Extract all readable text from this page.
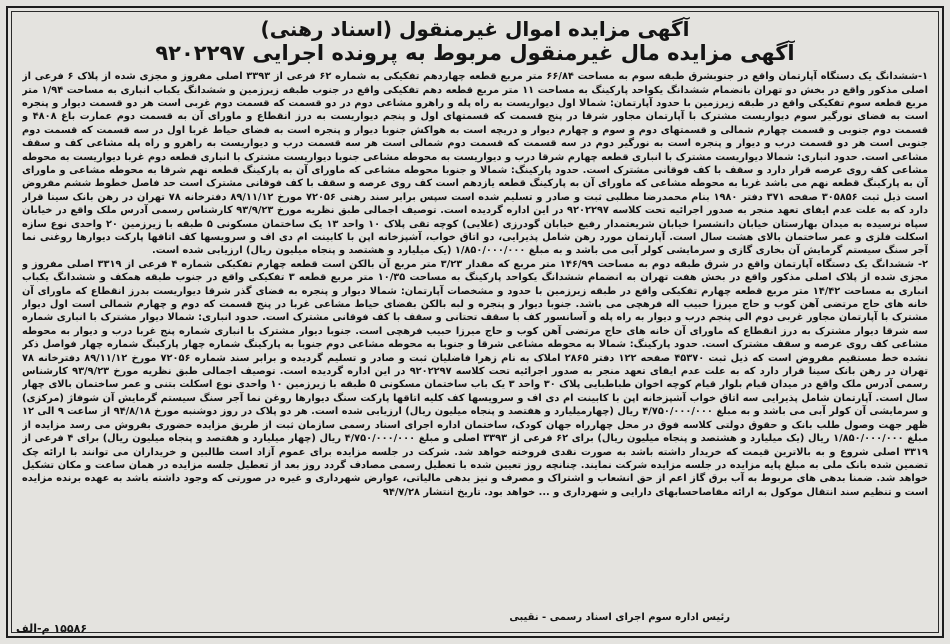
آگهی مزایده اموال غیرمنقول (اسناد رهنی)
آگهی مزایده مال غیرمنقول مربوط به پرونده اجرایی ۹۲۰۲۲۹۷

۱-ششدانگ یک دستگاه آپارتمان واقع در جنوبشرق طبقه سوم به مساحت ۶۶/۸۴ متر مربع قطعه چهاردهم تفکیکی به شماره ۶۲ فرعی از ۳۳۹۳ اصلی مفروز و مجزی شده از پلاک ۶ فرعی از اصلی مذکور واقع در بخش دو تهران بانضمام ششدانگ یکواحد پارکینگ به مساحت ۱۱ متر مربع قطعه دهم تفکیکی واقع در جنوب طبقه زیرزمین و ششدانگ یکباب انباری به مساحت ۱/۹۴ متر مربع قطعه سوم تفکیکی واقع در طبقه زیرزمین با حدود آپارتمان: شمالا اول دیواریست به راه پله و راهرو مشاعی دوم در دو قسمت که قسمت دوم غربی است هر دو قسمت دیوار و پنجره است به فضای نورگیر سوم دیواریست مشترک با آپارتمان مجاور شرقا در پنج قسمت که قسمتهای اول و پنجم دیواریست به درز انقطاع و ماورای آن به قسمت دوم عمارت باغ ۴۸۰۸ و قسمت دوم جنوبی و قسمت چهارم شمالی و قسمتهای دوم و سوم و چهارم دیوار و دریچه است به هواکش جنوبا دیوار و پنجره است به فضای حیاط غربا اول در سه قسمت که قسمت دوم جنوبی است هر دو قسمت درب و دیوار و پنجره است به نورگیر دوم در سه قسمت که قسمت دوم شمالی است هر سه قسمت درب و دیواریست به راهرو و راه پله مشاعی کف و سقف مشاعی است. حدود انباری: شمالا دیواریست مشترک با انباری قطعه چهارم شرقا درب و دیواریست به محوطه مشاعی جنوبا دیواریست مشترک با انباری قطعه دوم غربا دیواریست به محوطه مشاعی کف روی عرصه قرار دارد و سقف با کف فوقانی مشترک است. حدود پارکینگ: شمالا و جنوبا محوطه مشاعی که ماورای آن به پارکینگ قطعه نهم شرقا به محوطه مشاعی و ماورای آن به پارکینگ قطعه نهم می باشد غربا به محوطه مشاعی که ماورای آن به پارکینگ قطعه یازدهم است کف روی عرصه و سقف با کف فوقانی مشترک است حد فاصل خطوط ششم مفروض است ذیل ثبت ۳۰۵۸۵۶ صفحه ۳۷۱ دفتر ۱۹۸۰ بنام محمدرضا مطلبی ثبت و صادر و تسلیم شده است سپس برابر سند رهنی ۷۲۰۵۶ مورخ ۸۹/۱۱/۱۲ دفترخانه ۷۸ تهران در رهن بانک سینا قرار دارد که به علت عدم ایفای تعهد منجر به صدور اجرائیه تحت کلاسه ۹۲۰۲۲۹۷ در این اداره گردیده است. توصیف اجمالی طبق نظریه مورخ ۹۳/۹/۲۳ کارشناس رسمی آدرس ملک واقع در خیابان سپاه نرسیده به میدان بهارستان خیابان دانشسرا خیابان شریعتمدار رفیع خیابان گودرزی (علایی) کوچه تقی پلاک ۱۰ واحد ۱۳ یک ساختمان مسکونی ۵ طبقه با زیرزمین ۲۰ واحدی نوع سازه اسکلت فلزی و عمر ساختمان بالای هشت سال است. آپارتمان مورد رهن شامل پذیرایی، دو اتاق خواب، آشپزخانه اپن با کابینت ام دی اف و سرویسها کف اتاقها پارکت دیوارها روغنی نما آجر سنگ سیستم گرمایش آن بخاری گازی و سرمایشی کولر آبی می باشد و به مبلغ ۱/۸۵۰/۰۰۰/۰۰۰ (یک میلیارد و هشتصد و پنجاه میلیون ریال) ارزیابی شده است.

۲- ششدانگ یک دستگاه آپارتمان واقع در شرق طبقه دوم به مساحت ۱۴۶/۹۹ متر مربع که مقدار ۳/۲۳ متر مربع آن بالکن است قطعه چهارم تفکیکی شماره ۴ فرعی از ۳۳۱۹ اصلی مفروز و مجزی شده از پلاک اصلی مذکور واقع در بخش هفت تهران به انضمام ششدانگ یکواحد پارکینگ به مساحت ۱۰/۳۵ متر مربع قطعه ۳ تفکیکی واقع در جنوب طبقه همکف و ششدانگ یکباب انباری به مساحت ۱۴/۴۲ متر مربع قطعه چهارم تفکیکی واقع در طبقه زیرزمین با حدود و مشخصات آپارتمان: شمالا دیوار و پنجره به فضای گذر شرقا دیواریست بدرز انقطاع که ماورای آن خانه های حاج مرتضی آهن کوب و حاج میرزا حبیب اله فرهچی می باشد. جنوبا دیوار و پنجره و لبه بالکن بفضای حیاط مشاعی غربا در پنج قسمت که دوم و چهارم شمالی است اول دیوار مشترک با آپارتمان مجاور غربی دوم الی پنجم درب و دیوار به راه پله و آسانسور کف با سقف تحتانی و سقف با کف فوقانی مشترک است. حدود انباری: شمالا دیوار مشترک با انباری شماره سه شرقا دیوار مشترک به درز انقطاع که ماورای آن خانه های حاج مرتضی آهن کوب و حاج میرزا حبیب فرهچی است. جنوبا دیوار مشترک با انباری شماره پنج غربا درب و دیوار به محوطه مشاعی کف روی عرصه و سقف مشترک است. حدود پارکینگ: شمالا به محوطه مشاعی شرقا و جنوبا به محوطه مشاعی دوم جنوبا به پارکینگ شماره چهار پارکینگ شماره چهار فواصل ذکر نشده خط مستقیم مفروض است که ذیل ثبت ۴۵۳۷۰ صفحه ۱۲۲ دفتر ۲۸۶۵ املاک به نام زهرا فاضلیان ثبت و صادر و تسلیم گردیده و برابر سند شماره ۷۲۰۵۶ مورخ ۸۹/۱۱/۱۲ دفترخانه ۷۸ تهران در رهن بانک سینا قرار دارد که به علت عدم ایفای تعهد منجر به صدور اجرائیه تحت کلاسه ۹۲۰۲۲۹۷ در این اداره گردیده است. توصیف اجمالی طبق نظریه مورخ ۹۳/۹/۲۳ کارشناس رسمی آدرس ملک واقع در میدان قیام بلوار قیام کوچه اخوان طباطبایی پلاک ۳۰ واحد ۳ یک باب ساختمان مسکونی ۵ طبقه با زیرزمین ۱۰ واحدی نوع اسکلت بتنی و عمر ساختمان بالای چهار سال است. آپارتمان شامل پذیرایی سه اتاق خواب آشپزخانه اپن با کابینت ام دی اف و سرویسها کف کلیه اتاقها پارکت سنگ دیوارها روغن نما آجر سنگ سیستم گرمایش آن شوفاژ (مرکزی) و سرمایشی آن کولر آبی می باشد و به مبلغ ۴/۷۵۰/۰۰۰/۰۰۰ ریال (چهارمیلیارد و هفتصد و پنجاه میلیون ریال) ارزیابی شده است. هر دو پلاک در روز دوشنبه مورخ ۹۴/۸/۱۸ از ساعت ۹ الی ۱۲ ظهر جهت وصول طلب بانک و حقوق دولتی کلاسه فوق در محل چهارراه جهان کودک، ساختمان اداره اجرای اسناد رسمی سازمان ثبت از طریق مزایده حضوری بفروش می رسد مزایده از مبلغ ۱/۸۵۰/۰۰۰/۰۰۰ ریال (یک میلیارد و هشتصد و پنجاه میلیون ریال) برای ۶۲ فرعی از ۳۳۹۳ اصلی و مبلغ ۴/۷۵۰/۰۰۰/۰۰۰ ریال (چهار میلیارد و هفتصد و پنجاه میلیون ریال) برای ۴ فرعی از ۳۳۱۹ اصلی شروع و به بالاترین قیمت که خریدار داشته باشد به صورت نقدی فروخته خواهد شد. شرکت در جلسه مزایده برای عموم آزاد است طالبین و خریداران می توانند با ارائه چک تضمین شده بانک ملی به مبلغ پایه مزایده در جلسه مزایده شرکت نمایند. چنانچه روز تعیین شده با تعطیل رسمی مصادف گردد روز بعد از تعطیل جلسه مزایده در همان ساعت و مکان تشکیل خواهد شد. ضمنا بدهی های مربوط به آب برق گاز اعم از حق انشعاب و اشتراک و مصرف و نیز بدهی مالیاتی، عوارض شهرداری و غیره در صورتی که وجود داشته باشد به عهده برنده مزایده است و تنظیم سند انتقال موکول به ارائه مفاصاحسابهای دارایی و شهرداری و ... خواهد بود. تاریخ انتشار ۹۴/۷/۲۸

رئیس اداره سوم اجرای اسناد رسمی - نقیبی
۱۵۵۸۶ م-الف
